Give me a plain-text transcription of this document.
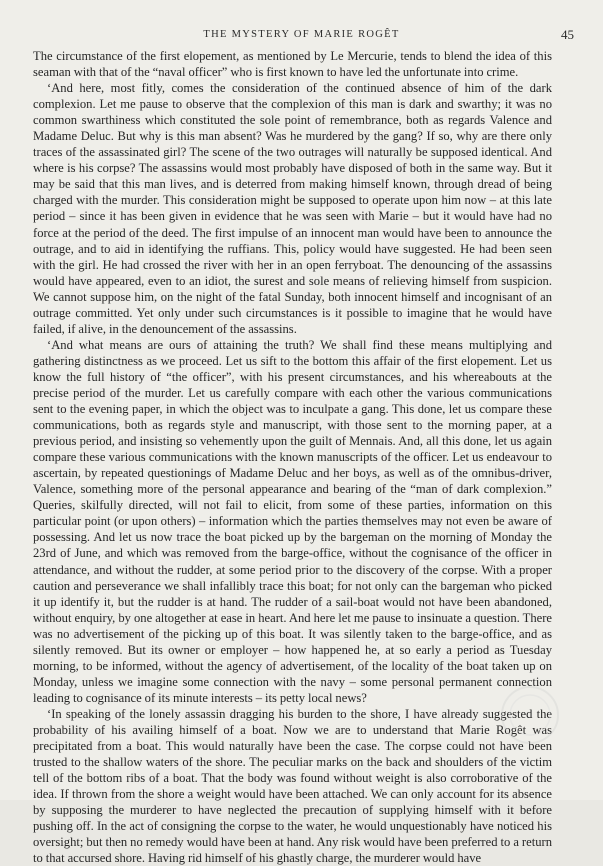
THE MYSTERY OF MARIE ROGÊT	45

The circumstance of the first elopement, as mentioned by Le Mercurie, tends to blend the idea of this seaman with that of the “naval officer” who is first known to have led the unfortunate into crime.

‘And here, most fitly, comes the consideration of the continued absence of him of the dark complexion. Let me pause to observe that the complexion of this man is dark and swarthy; it was no common swarthiness which constituted the sole point of remembrance, both as regards Valence and Madame Deluc. But why is this man absent? Was he murdered by the gang? If so, why are there only traces of the assassinated girl? The scene of the two outrages will naturally be supposed identical. And where is his corpse? The assassins would most probably have disposed of both in the same way. But it may be said that this man lives, and is deterred from making himself known, through dread of being charged with the murder. This consideration might be supposed to operate upon him now – at this late period – since it has been given in evidence that he was seen with Marie – but it would have had no force at the period of the deed. The first impulse of an innocent man would have been to announce the outrage, and to aid in identifying the ruffians. This, policy would have suggested. He had been seen with the girl. He had crossed the river with her in an open ferryboat. The denouncing of the assassins would have appeared, even to an idiot, the surest and sole means of relieving himself from suspicion. We cannot suppose him, on the night of the fatal Sunday, both innocent himself and incognisant of an outrage committed. Yet only under such circumstances is it possible to imagine that he would have failed, if alive, in the denouncement of the assassins.

‘And what means are ours of attaining the truth? We shall find these means multiplying and gathering distinctness as we proceed. Let us sift to the bottom this affair of the first elopement. Let us know the full history of “the officer”, with his present circumstances, and his whereabouts at the precise period of the murder. Let us carefully compare with each other the various communications sent to the evening paper, in which the object was to inculpate a gang. This done, let us compare these communications, both as regards style and manuscript, with those sent to the morning paper, at a previous period, and insisting so vehemently upon the guilt of Mennais. And, all this done, let us again compare these various communications with the known manuscripts of the officer. Let us endeavour to ascertain, by repeated questionings of Madame Deluc and her boys, as well as of the omnibus-driver, Valence, something more of the personal appearance and bearing of the “man of dark complexion.” Queries, skilfully directed, will not fail to elicit, from some of these parties, information on this particular point (or upon others) – information which the parties themselves may not even be aware of possessing. And let us now trace the boat picked up by the bargeman on the morning of Monday the 23rd of June, and which was removed from the barge-office, without the cognisance of the officer in attendance, and without the rudder, at some period prior to the discovery of the corpse. With a proper caution and perseverance we shall infallibly trace this boat; for not only can the bargeman who picked it up identify it, but the rudder is at hand. The rudder of a sail-boat would not have been abandoned, without enquiry, by one altogether at ease in heart. And here let me pause to insinuate a question. There was no advertisement of the picking up of this boat. It was silently taken to the barge-office, and as silently removed. But its owner or employer – how happened he, at so early a period as Tuesday morning, to be informed, without the agency of advertisement, of the locality of the boat taken up on Monday, unless we imagine some connection with the navy – some personal permanent connection leading to cognisance of its minute interests – its petty local news?

‘In speaking of the lonely assassin dragging his burden to the shore, I have already suggested the probability of his availing himself of a boat. Now we are to understand that Marie Rogêt was precipitated from a boat. This would naturally have been the case. The corpse could not have been trusted to the shallow waters of the shore. The peculiar marks on the back and shoulders of the victim tell of the bottom ribs of a boat. That the body was found without weight is also corroborative of the idea. If thrown from the shore a weight would have been attached. We can only account for its absence by supposing the murderer to have neglected the precaution of supplying himself with it before pushing off. In the act of consigning the corpse to the water, he would unquestionably have noticed his oversight; but then no remedy would have been at hand. Any risk would have been preferred to a return to that accursed shore. Having rid himself of his ghastly charge, the murderer would have
